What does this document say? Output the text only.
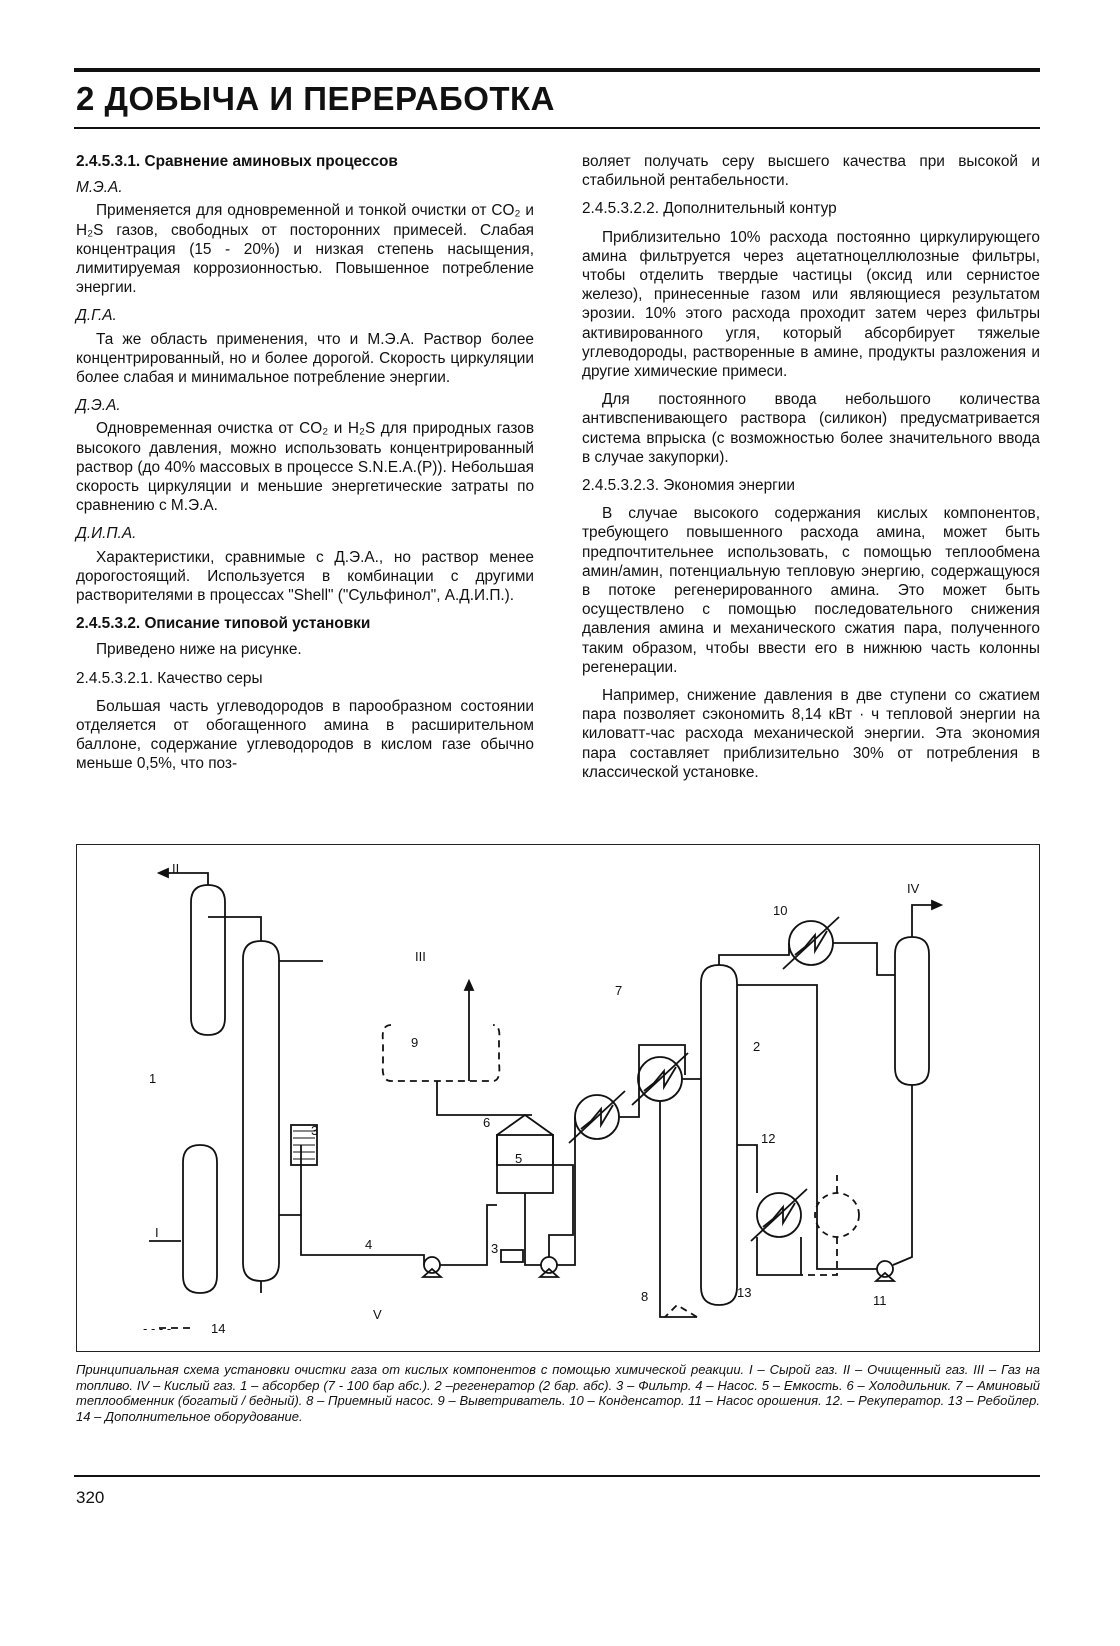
2 ДОБЫЧА И ПЕРЕРАБОТКА

2.4.5.3.1. Сравнение аминовых процессов

М.Э.А.

Применяется для одновременной и тонкой очистки от CO₂ и H₂S газов, свободных от посторонних примесей. Слабая концентрация (15 - 20%) и низкая степень насыщения, лимитируемая коррозионностью. Повышенное потребление энергии.

Д.Г.А.

Та же область применения, что и М.Э.А. Раствор более концентрированный, но и более дорогой. Скорость циркуляции более слабая и минимальное потребление энергии.

Д.Э.А.

Одновременная очистка от CO₂ и H₂S для природных газов высокого давления, можно использовать концентрированный раствор (до 40% массовых в процессе S.N.E.A.(P)). Небольшая скорость циркуляции и меньшие энергетические затраты по сравнению с М.Э.А.

Д.И.П.А.

Характеристики, сравнимые с Д.Э.А., но раствор менее дорогостоящий. Используется в комбинации с другими растворителями в процессах "Shell" ("Сульфинол", А.Д.И.П.).

2.4.5.3.2. Описание типовой установки

Приведено ниже на рисунке.

2.4.5.3.2.1. Качество серы

Большая часть углеводородов в парообразном состоянии отделяется от обогащенного амина в расширительном баллоне, содержание углеводородов в кислом газе обычно меньше 0,5%, что поз-

воляет получать серу высшего качества при высокой и стабильной рентабельности.

2.4.5.3.2.2. Дополнительный контур

Приблизительно 10% расхода постоянно циркулирующего амина фильтруется через ацетатноцеллюлозные фильтры, чтобы отделить твердые частицы (оксид или сернистое железо), принесенные газом или являющиеся результатом эрозии. 10% этого расхода проходит затем через фильтры активированного угля, который абсорбирует тяжелые углеводороды, растворенные в амине, продукты разложения и другие химические примеси.

Для постоянного ввода небольшого количества антивспенивающего раствора (силикон) предусматривается система впрыска (с возможностью более значительного ввода в случае закупорки).

2.4.5.3.2.3. Экономия энергии

В случае высокого содержания кислых компонентов, требующего повышенного расхода амина, может быть предпочтительнее использовать, с помощью теплообмена амин/амин, потенциальную тепловую энергию, содержащуюся в потоке регенерированного амина. Это может быть осуществлено с помощью последовательного снижения давления амина и механического сжатия пара, полученного таким образом, чтобы ввести его в нижнюю часть колонны регенерации.

Например, снижение давления в две ступени со сжатием пара позволяет сэкономить 8,14 кВт · ч тепловой энергии на киловатт-час расхода механической энергии. Эта экономия пара составляет приблизительно 30% от потребления в классической установке.

II
III
IV
I
V
1
2
3
3
4
5
6
7
8
9
10
11
12
13
14
- - - -
Принципиальная схема установки очистки газа от кислых компонентов с помощью химической реакции. I – Сырой газ. II – Очищенный газ. III – Газ на топливо. IV – Кислый газ. 1 – абсорбер (7 - 100 бар абс.). 2 –регенератор (2 бар. абс). 3 – Фильтр. 4 – Насос. 5 – Емкость. 6 – Холодильник. 7 – Аминовый теплообменник (богатый / бедный). 8 – Приемный насос. 9 – Выветриватель. 10 – Конденсатор. 11 – Насос орошения. 12. – Рекуператор. 13 – Ребойлер. 14 – Дополнительное оборудование.
320
